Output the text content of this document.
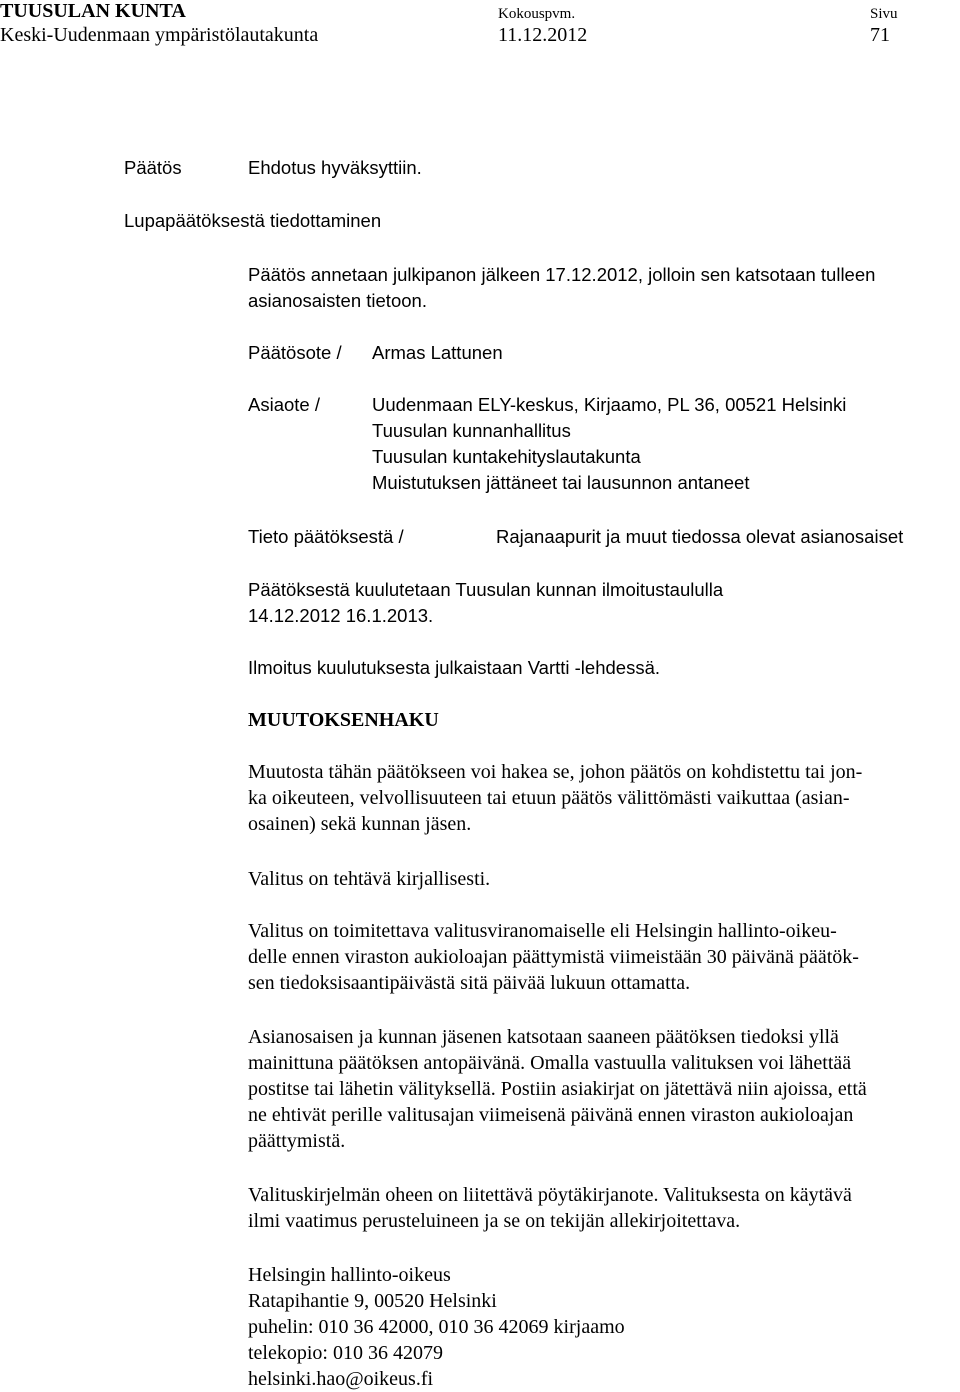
TUUSULAN KUNTA
Keski-Uudenmaan ympäristölautakunta
Kokouspvm.
11.12.2012
Sivu
71
Päätös	Ehdotus hyväksyttiin.
Lupapäätöksestä tiedottaminen
Päätös annetaan julkipanon jälkeen 17.12.2012, jolloin sen katsotaan tulleen
asianosaisten tietoon.
Päätösote / Armas Lattunen
Asiaote /	Uudenmaan ELY-keskus, Kirjaamo, PL 36, 00521 Helsinki
Tuusulan kunnanhallitus
Tuusulan kuntakehityslautakunta
Muistutuksen jättäneet tai lausunnon antaneet
Tieto päätöksestä /	Rajanaapurit ja muut tiedossa olevat asianosaiset
Päätöksestä kuulutetaan Tuusulan kunnan ilmoitustaululla
14.12.2012 16.1.2013.
Ilmoitus kuulutuksesta julkaistaan Vartti -lehdessä.
MUUTOKSENHAKU
Muutosta tähän päätökseen voi hakea se, johon päätös on kohdistettu tai jon-
ka oikeuteen, velvollisuuteen tai etuun päätös välittömästi vaikuttaa (asian-
osainen) sekä kunnan jäsen.
Valitus on tehtävä kirjallisesti.
Valitus on toimitettava valitusviranomaiselle eli Helsingin hallinto-oikeu-
delle ennen viraston aukioloajan päättymistä viimeistään 30 päivänä päätök-
sen tiedoksisaantipäivästä sitä päivää lukuun ottamatta.
Asianosaisen ja kunnan jäsenen katsotaan saaneen päätöksen tiedoksi yllä
mainittuna päätöksen antopäivänä. Omalla vastuulla valituksen voi lähettää
postitse tai lähetin välityksellä. Postiin asiakirjat on jätettävä niin ajoissa, että
ne ehtivät perille valitusajan viimeisenä päivänä ennen viraston aukioloajan
päättymistä.
Valituskirjelmän oheen on liitettävä pöytäkirjanote. Valituksesta on käytävä
ilmi vaatimus perusteluineen ja se on tekijän allekirjoitettava.
Helsingin hallinto-oikeus
Ratapihantie 9, 00520 Helsinki
puhelin: 010 36 42000, 010 36 42069 kirjaamo
telekopio: 010 36 42079
helsinki.hao@oikeus.fi
